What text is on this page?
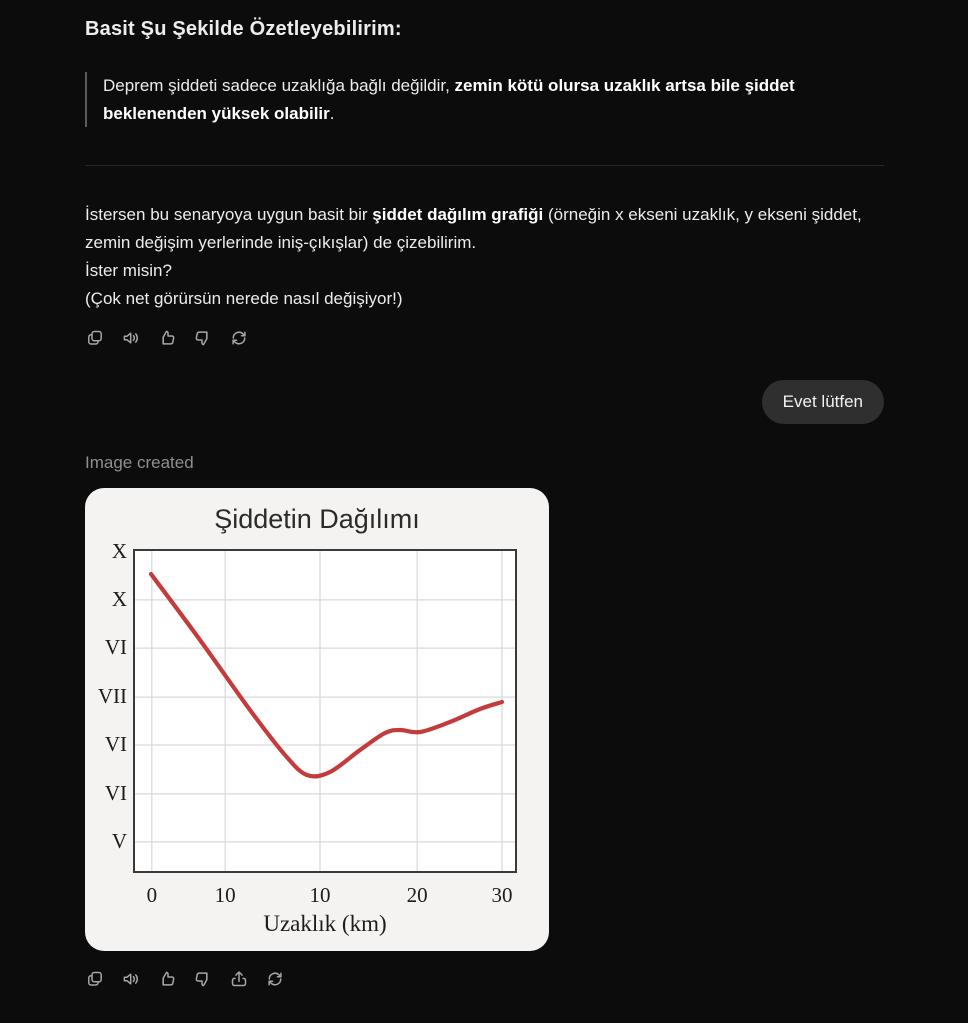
Basit Şu Şekilde Özetleyebilirim:
Deprem şiddeti sadece uzaklığa bağlı değildir, zemin kötü olursa uzaklık artsa bile şiddet beklenenden yüksek olabilir.
İstersen bu senaryoya uygun basit bir şiddet dağılım grafiği (örneğin x ekseni uzaklık, y ekseni şiddet, zemin değişim yerlerinde iniş-çıkışlar) de çizebilirim.
İster misin?
(Çok net görürsün nerede nasıl değişiyor!)
Evet lütfen
Image created
Şiddetin Dağılımı
X
X
VI
VII
VI
VI
V
0	10	10	20	30
Uzaklık (km)
